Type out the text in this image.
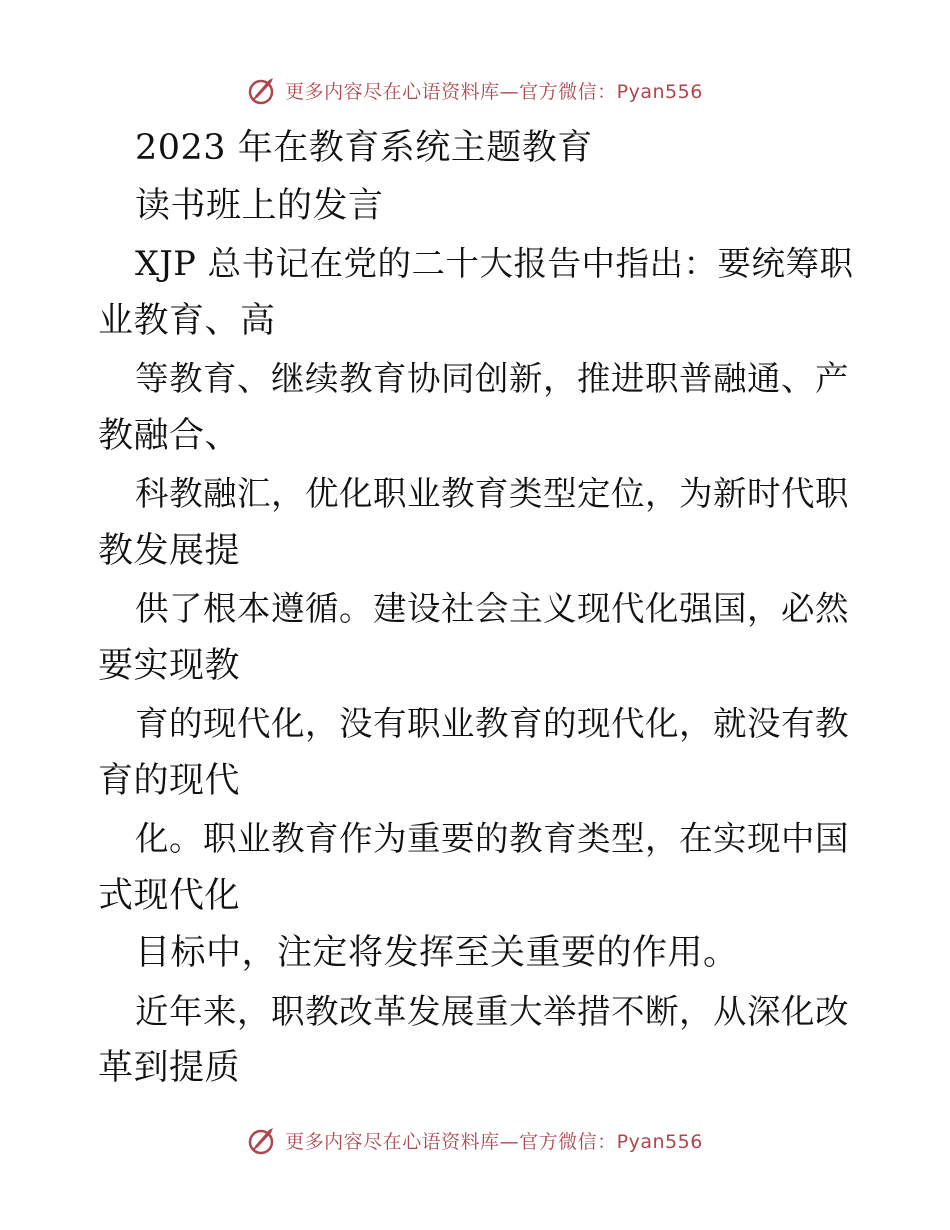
更多内容尽在心语资料库—官方微信：Pyan556
2023 年在教育系统主题教育
读书班上的发言
XJP 总书记在党的二十大报告中指出：要统筹职
业教育、高
等教育、继续教育协同创新，推进职普融通、产
教融合、
科教融汇，优化职业教育类型定位，为新时代职
教发展提
供了根本遵循。建设社会主义现代化强国，必然
要实现教
育的现代化，没有职业教育的现代化，就没有教
育的现代
化。职业教育作为重要的教育类型，在实现中国
式现代化
目标中，注定将发挥至关重要的作用。
近年来，职教改革发展重大举措不断，从深化改
革到提质
更多内容尽在心语资料库—官方微信：Pyan556
